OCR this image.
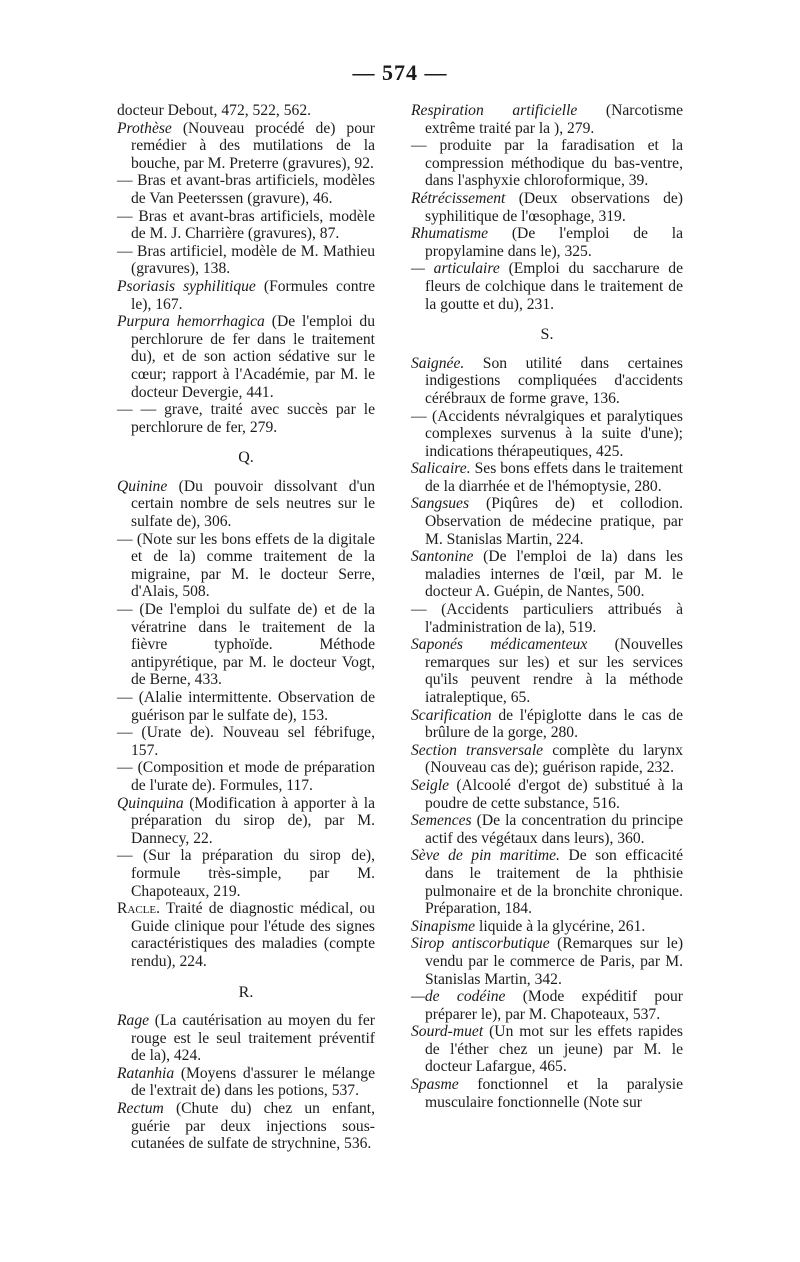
— 574 —

docteur Debout, 472, 522, 562.

Prothèse (Nouveau procédé de) pour remédier à des mutilations de la bouche, par M. Preterre (gravures), 92.

— Bras et avant-bras artificiels, modèles de Van Peeterssen (gravure), 46.

— Bras et avant-bras artificiels, modèle de M. J. Charrière (gravures), 87.

— Bras artificiel, modèle de M. Mathieu (gravures), 138.

Psoriasis syphilitique (Formules contre le), 167.

Purpura hemorrhagica (De l'emploi du perchlorure de fer dans le traitement du), et de son action sédative sur le cœur; rapport à l'Académie, par M. le docteur Devergie, 441.

— — grave, traité avec succès par le perchlorure de fer, 279.

Q.

Quinine (Du pouvoir dissolvant d'un certain nombre de sels neutres sur le sulfate de), 306.

— (Note sur les bons effets de la digitale et de la) comme traitement de la migraine, par M. le docteur Serre, d'Alais, 508.

— (De l'emploi du sulfate de) et de la vératrine dans le traitement de la fièvre typhoïde. Méthode antipyrétique, par M. le docteur Vogt, de Berne, 433.

— (Alalie intermittente. Observation de guérison par le sulfate de), 153.

— (Urate de). Nouveau sel fébrifuge, 157.

— (Composition et mode de préparation de l'urate de). Formules, 117.

Quinquina (Modification à apporter à la préparation du sirop de), par M. Dannecy, 22.

— (Sur la préparation du sirop de), formule très-simple, par M. Chapoteaux, 219.

Racle. Traité de diagnostic médical, ou Guide clinique pour l'étude des signes caractéristiques des maladies (compte rendu), 224.

R.

Rage (La cautérisation au moyen du fer rouge est le seul traitement préventif de la), 424.

Ratanhia (Moyens d'assurer le mélange de l'extrait de) dans les potions, 537.

Rectum (Chute du) chez un enfant, guérie par deux injections sous-cutanées de sulfate de strychnine, 536.

Respiration artificielle (Narcotisme extrême traité par la ), 279.

— produite par la faradisation et la compression méthodique du bas-ventre, dans l'asphyxie chloroformique, 39.

Rétrécissement (Deux observations de) syphilitique de l'œsophage, 319.

Rhumatisme (De l'emploi de la propylamine dans le), 325.

— articulaire (Emploi du saccharure de fleurs de colchique dans le traitement de la goutte et du), 231.

S.

Saignée. Son utilité dans certaines indigestions compliquées d'accidents cérébraux de forme grave, 136.

— (Accidents névralgiques et paralytiques complexes survenus à la suite d'une); indications thérapeutiques, 425.

Salicaire. Ses bons effets dans le traitement de la diarrhée et de l'hémoptysie, 280.

Sangsues (Piqûres de) et collodion. Observation de médecine pratique, par M. Stanislas Martin, 224.

Santonine (De l'emploi de la) dans les maladies internes de l'œil, par M. le docteur A. Guépin, de Nantes, 500.

— (Accidents particuliers attribués à l'administration de la), 519.

Saponés médicamenteux (Nouvelles remarques sur les) et sur les services qu'ils peuvent rendre à la méthode iatraleptique, 65.

Scarification de l'épiglotte dans le cas de brûlure de la gorge, 280.

Section transversale complète du larynx (Nouveau cas de); guérison rapide, 232.

Seigle (Alcoolé d'ergot de) substitué à la poudre de cette substance, 516.

Semences (De la concentration du principe actif des végétaux dans leurs), 360.

Sève de pin maritime. De son efficacité dans le traitement de la phthisie pulmonaire et de la bronchite chronique. Préparation, 184.

Sinapisme liquide à la glycérine, 261.

Sirop antiscorbutique (Remarques sur le) vendu par le commerce de Paris, par M. Stanislas Martin, 342.

—de codéine (Mode expéditif pour préparer le), par M. Chapoteaux, 537.

Sourd-muet (Un mot sur les effets rapides de l'éther chez un jeune) par M. le docteur Lafargue, 465.

Spasme fonctionnel et la paralysie musculaire fonctionnelle (Note sur
